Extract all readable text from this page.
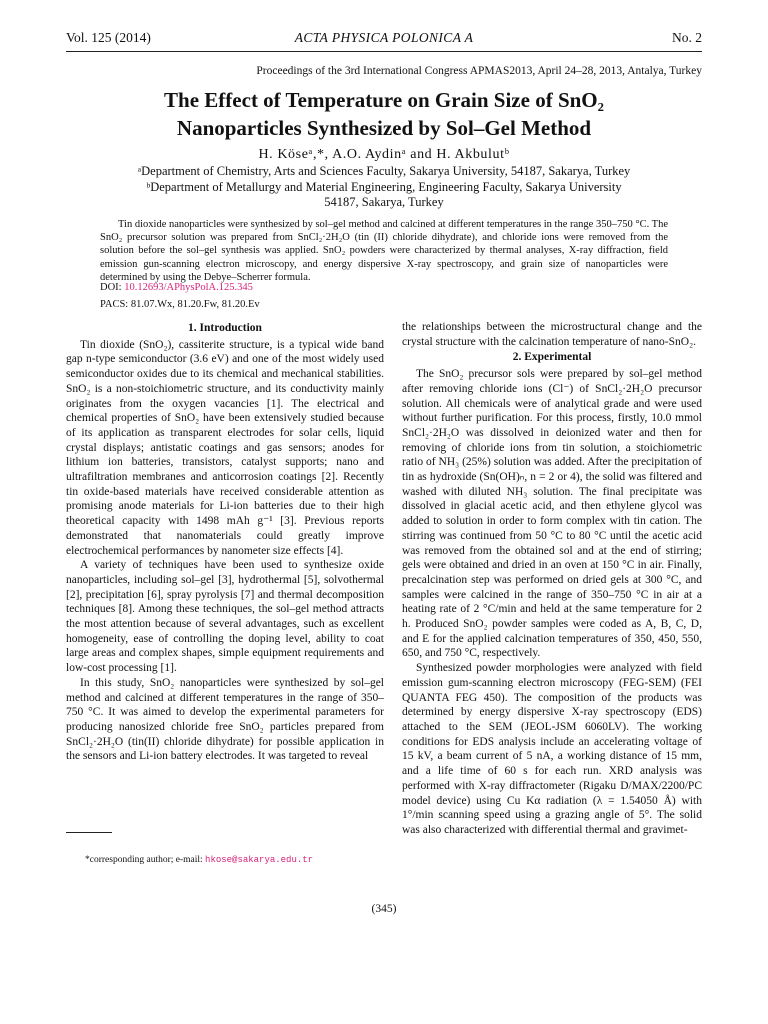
Vol. 125 (2014)	ACTA PHYSICA POLONICA A	No. 2
Proceedings of the 3rd International Congress APMAS2013, April 24–28, 2013, Antalya, Turkey
The Effect of Temperature on Grain Size of SnO₂
Nanoparticles Synthesized by Sol–Gel Method
H. Köseᵃ,*, A.O. Aydinᵃ and H. Akbulutᵇ
ᵃDepartment of Chemistry, Arts and Sciences Faculty, Sakarya University, 54187, Sakarya, Turkey
ᵇDepartment of Metallurgy and Material Engineering, Engineering Faculty, Sakarya University
54187, Sakarya, Turkey
Tin dioxide nanoparticles were synthesized by sol–gel method and calcined at different temperatures in the range 350–750 °C. The SnO₂ precursor solution was prepared from SnCl₂·2H₂O (tin (II) chloride dihydrate), and chloride ions were removed from the solution before the sol–gel synthesis was applied. SnO₂ powders were characterized by thermal analyses, X-ray diffraction, field emission gun-scanning electron microscopy, and energy dispersive X-ray spectroscopy, and grain size of nanoparticles were determined by using the Debye–Scherrer formula.
DOI: 10.12693/APhysPolA.125.345
PACS: 81.07.Wx, 81.20.Fw, 81.20.Ev
1. Introduction

Tin dioxide (SnO₂), cassiterite structure, is a typical wide band gap n-type semiconductor (3.6 eV) and one of the most widely used semiconductor oxides due to its chemical and mechanical stabilities. SnO₂ is a non-stoichiometric structure, and its conductivity mainly originates from the oxygen vacancies [1]. The electrical and chemical properties of SnO₂ have been extensively studied because of its application as transparent electrodes for solar cells, liquid crystal displays; antistatic coatings and gas sensors; anodes for lithium ion batteries, transistors, catalyst supports; nano and ultrafiltration membranes and anticorrosion coatings [2]. Recently tin oxide-based materials have received considerable attention as promising anode materials for Li-ion batteries due to their high theoretical capacity with 1498 mAh g⁻¹ [3]. Previous reports demonstrated that nanomaterials could greatly improve electrochemical performances by nanometer size effects [4].

A variety of techniques have been used to synthesize oxide nanoparticles, including sol–gel [3], hydrothermal [5], solvothermal [2], precipitation [6], spray pyrolysis [7] and thermal decomposition techniques [8]. Among these techniques, the sol–gel method attracts the most attention because of several advantages, such as excellent homogeneity, ease of controlling the doping level, ability to coat large areas and complex shapes, simple equipment requirements and low-cost processing [1].

In this study, SnO₂ nanoparticles were synthesized by sol–gel method and calcined at different temperatures in the range of 350–750 °C. It was aimed to develop the experimental parameters for producing nanosized chloride free SnO₂ particles prepared from SnCl₂·2H₂O (tin(II) chloride dihydrate) for possible application in the sensors and Li-ion battery electrodes. It was targeted to reveal

the relationships between the microstructural change and the crystal structure with the calcination temperature of nano-SnO₂.

2. Experimental

The SnO₂ precursor sols were prepared by sol–gel method after removing chloride ions (Cl⁻) of SnCl₂·2H₂O precursor solution. All chemicals were of analytical grade and were used without further purification. For this process, firstly, 10.0 mmol SnCl₂·2H₂O was dissolved in deionized water and then for removing of chloride ions from tin solution, a stoichiometric ratio of NH₃ (25%) solution was added. After the precipitation of tin as hydroxide (Sn(OH)ₙ, n = 2 or 4), the solid was filtered and washed with diluted NH₃ solution. The final precipitate was dissolved in glacial acetic acid, and then ethylene glycol was added to solution in order to form complex with tin cation. The stirring was continued from 50 °C to 80 °C until the acetic acid was removed from the obtained sol and at the end of stirring; gels were obtained and dried in an oven at 150 °C in air. Finally, precalcination step was performed on dried gels at 300 °C, and samples were calcined in the range of 350–750 °C in air at a heating rate of 2 °C/min and held at the same temperature for 2 h. Produced SnO₂ powder samples were coded as A, B, C, D, and E for the applied calcination temperatures of 350, 450, 550, 650, and 750 °C, respectively.

Synthesized powder morphologies were analyzed with field emission gum-scanning electron microscopy (FEG-SEM) (FEI QUANTA FEG 450). The composition of the products was determined by energy dispersive X-ray spectroscopy (EDS) attached to the SEM (JEOL-JSM 6060LV). The working conditions for EDS analysis include an accelerating voltage of 15 kV, a beam current of 5 nA, a working distance of 15 mm, and a life time of 60 s for each run. XRD analysis was performed with X-ray diffractometer (Rigaku D/MAX/2200/PC model device) using Cu Kα radiation (λ = 1.54050 Å) with 1°/min scanning speed using a grazing angle of 5°. The solid was also characterized with differential thermal and gravimet-

*corresponding author; e-mail: hkose@sakarya.edu.tr
(345)
